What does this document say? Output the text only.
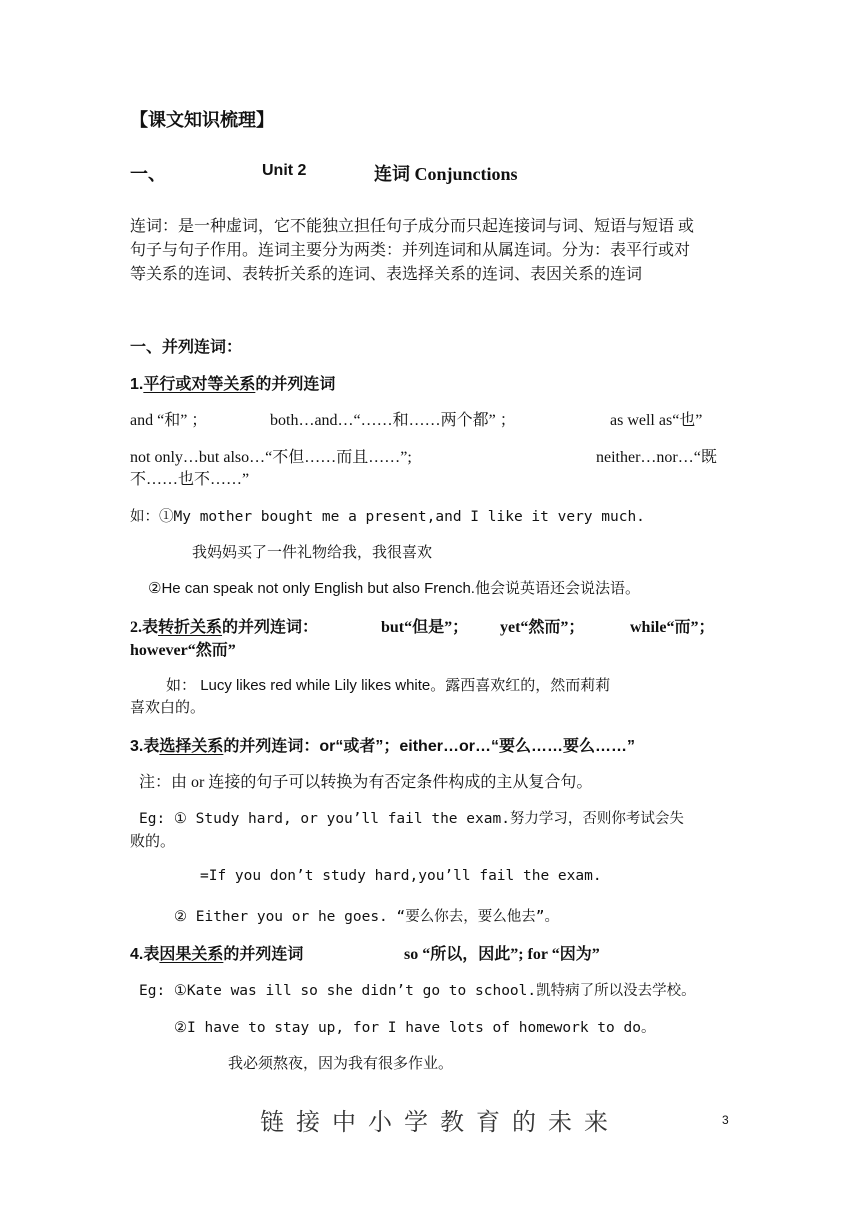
【课文知识梳理】
一、	Unit 2	连词 Conjunctions
连词：是一种虚词，它不能独立担任句子成分而只起连接词与词、短语与短语 或
句子与句子作用。连词主要分为两类：并列连词和从属连词。分为：表平行或对
等关系的连词、表转折关系的连词、表选择关系的连词、表因关系的连词
一、并列连词：
1.平行或对等关系的并列连词
and “和” ；	both…and…“……和……两个都” ；	as well as“也”
not only…but also…“不但……而且……”;	neither…nor…“既
不……也不……”
如：①My mother bought me a present,and I like it very much.
我妈妈买了一件礼物给我，我很喜欢
②He can speak not only English but also French.他会说英语还会说法语。
2.表转折关系的并列连词：	but“但是”； yet“然而”；	while“而”；
however“然而”
如： Lucy likes red while Lily likes white。露西喜欢红的，然而莉莉
喜欢白的。
3.表选择关系的并列连词：or“或者”；either…or…“要么……要么……”
注：由 or 连接的句子可以转换为有否定条件构成的主从复合句。
Eg: ① Study hard, or you’ll fail the exam.努力学习，否则你考试会失
败的。
=If you don’t study hard,you’ll fail the exam.
② Either you or he goes. “要么你去，要么他去”。
4.表因果关系的并列连词	so “所以，因此”; for “因为”
Eg: ①Kate was ill so she didn’t go to school.凯特病了所以没去学校。
②I have to stay up, for I have lots of homework to do。
我必须熬夜，因为我有很多作业。
链接中小学教育的未来	3
